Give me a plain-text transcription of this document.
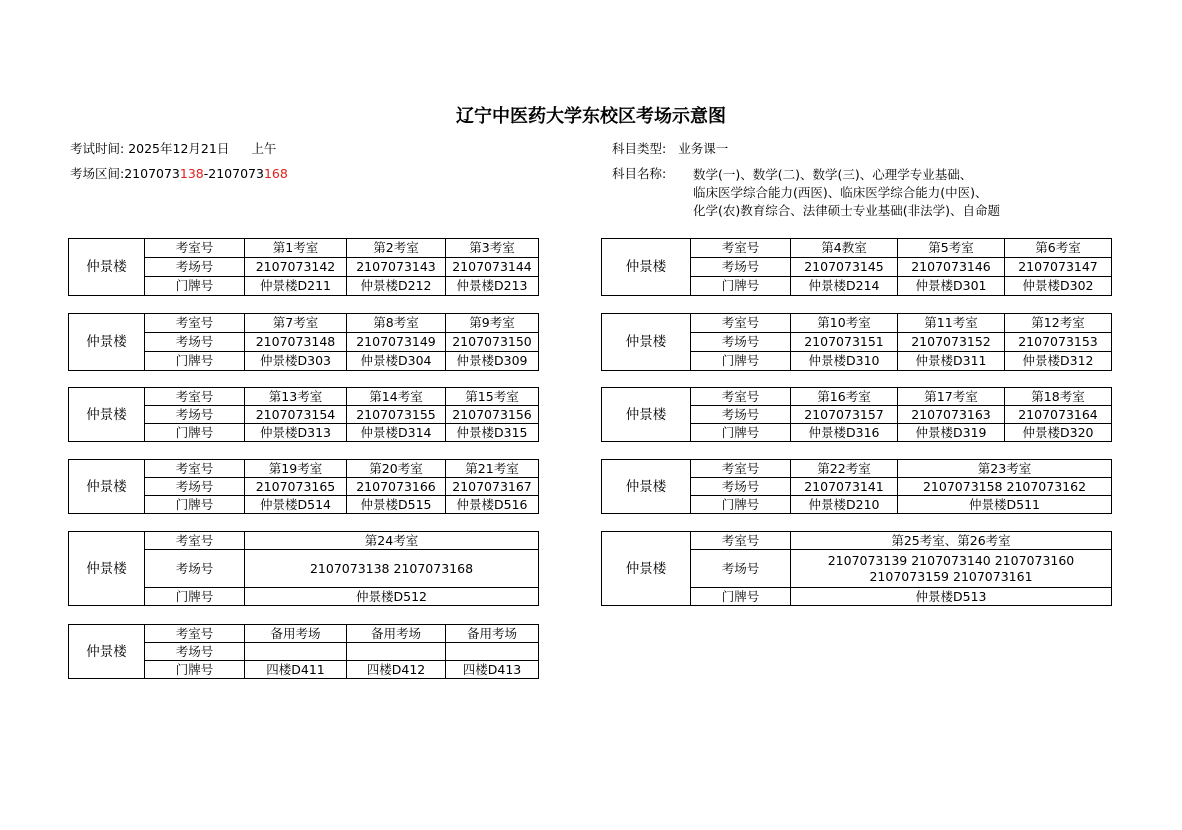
辽宁中医药大学东校区考场示意图
考试时间: 2025年12月21日 上午
考场区间:2107073138-2107073168
科目类型: 业务课一
科目名称: 数学(一)、数学(二)、数学(三)、心理学专业基础、
临床医学综合能力(西医)、临床医学综合能力(中医)、
化学(农)教育综合、法律硕士专业基础(非法学)、自命题
仲景楼	考室号	第1考室	第2考室	第3考室
	考场号	2107073142	2107073143	2107073144
	门牌号	仲景楼D211	仲景楼D212	仲景楼D213
仲景楼	考室号	第4教室	第5考室	第6考室
	考场号	2107073145	2107073146	2107073147
	门牌号	仲景楼D214	仲景楼D301	仲景楼D302
仲景楼	考室号	第7考室	第8考室	第9考室
	考场号	2107073148	2107073149	2107073150
	门牌号	仲景楼D303	仲景楼D304	仲景楼D309
仲景楼	考室号	第10考室	第11考室	第12考室
	考场号	2107073151	2107073152	2107073153
	门牌号	仲景楼D310	仲景楼D311	仲景楼D312
仲景楼	考室号	第13考室	第14考室	第15考室
	考场号	2107073154	2107073155	2107073156
	门牌号	仲景楼D313	仲景楼D314	仲景楼D315
仲景楼	考室号	第16考室	第17考室	第18考室
	考场号	2107073157	2107073163	2107073164
	门牌号	仲景楼D316	仲景楼D319	仲景楼D320
仲景楼	考室号	第19考室	第20考室	第21考室
	考场号	2107073165	2107073166	2107073167
	门牌号	仲景楼D514	仲景楼D515	仲景楼D516
仲景楼	考室号	第22考室	第23考室
	考场号	2107073141	2107073158 2107073162
	门牌号	仲景楼D210	仲景楼D511
仲景楼	考室号	第24考室
	考场号	2107073138 2107073168
	门牌号	仲景楼D512
仲景楼	考室号	第25考室、第26考室
	考场号	2107073139 2107073140 2107073160
2107073159 2107073161

	门牌号	仲景楼D513
仲景楼	考室号	备用考场	备用考场	备用考场
	考场号			
	门牌号	四楼D411	四楼D412	四楼D413
